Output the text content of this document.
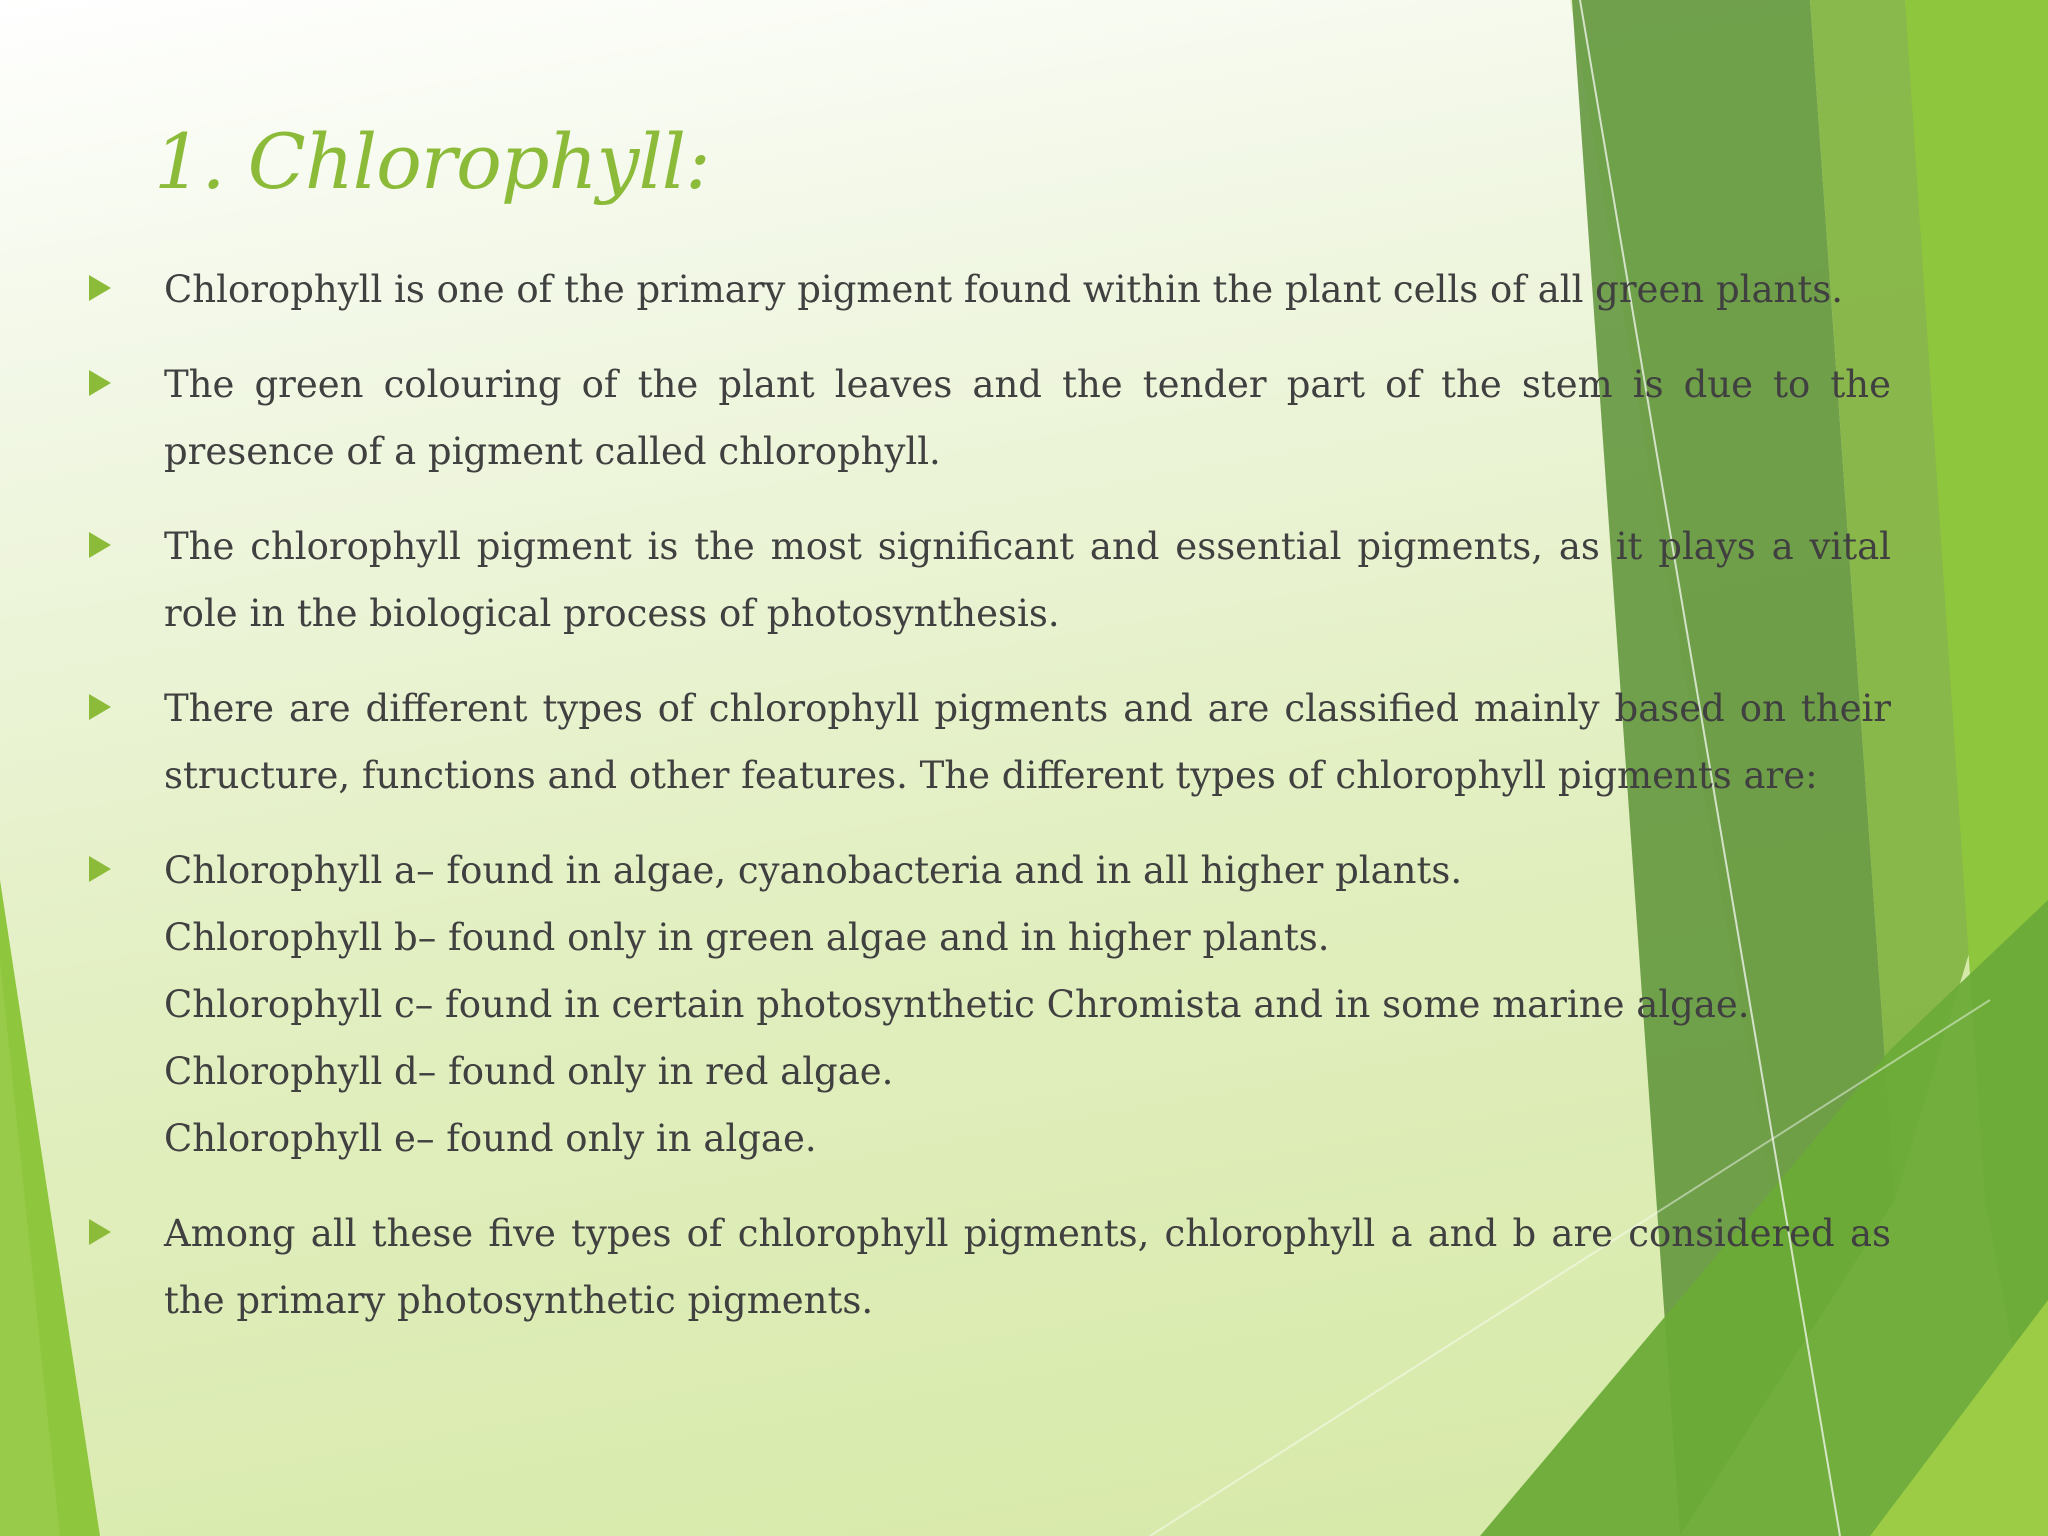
1. Chlorophyll:
Chlorophyll is one of the primary pigment found within the plant cells of all green plants.
The green colouring of the plant leaves and the tender part of the stem is due to the presence of a pigment called chlorophyll.
The chlorophyll pigment is the most significant and essential pigments, as it plays a vital role in the biological process of photosynthesis.
There are different types of chlorophyll pigments and are classified mainly based on their structure, functions and other features. The different types of chlorophyll pigments are:
Chlorophyll a– found in algae, cyanobacteria and in all higher plants.
Chlorophyll b– found only in green algae and in higher plants.
Chlorophyll c– found in certain photosynthetic Chromista and in some marine algae.
Chlorophyll d– found only in red algae.
Chlorophyll e– found only in algae.
Among all these five types of chlorophyll pigments, chlorophyll a and b are considered as the primary photosynthetic pigments.
